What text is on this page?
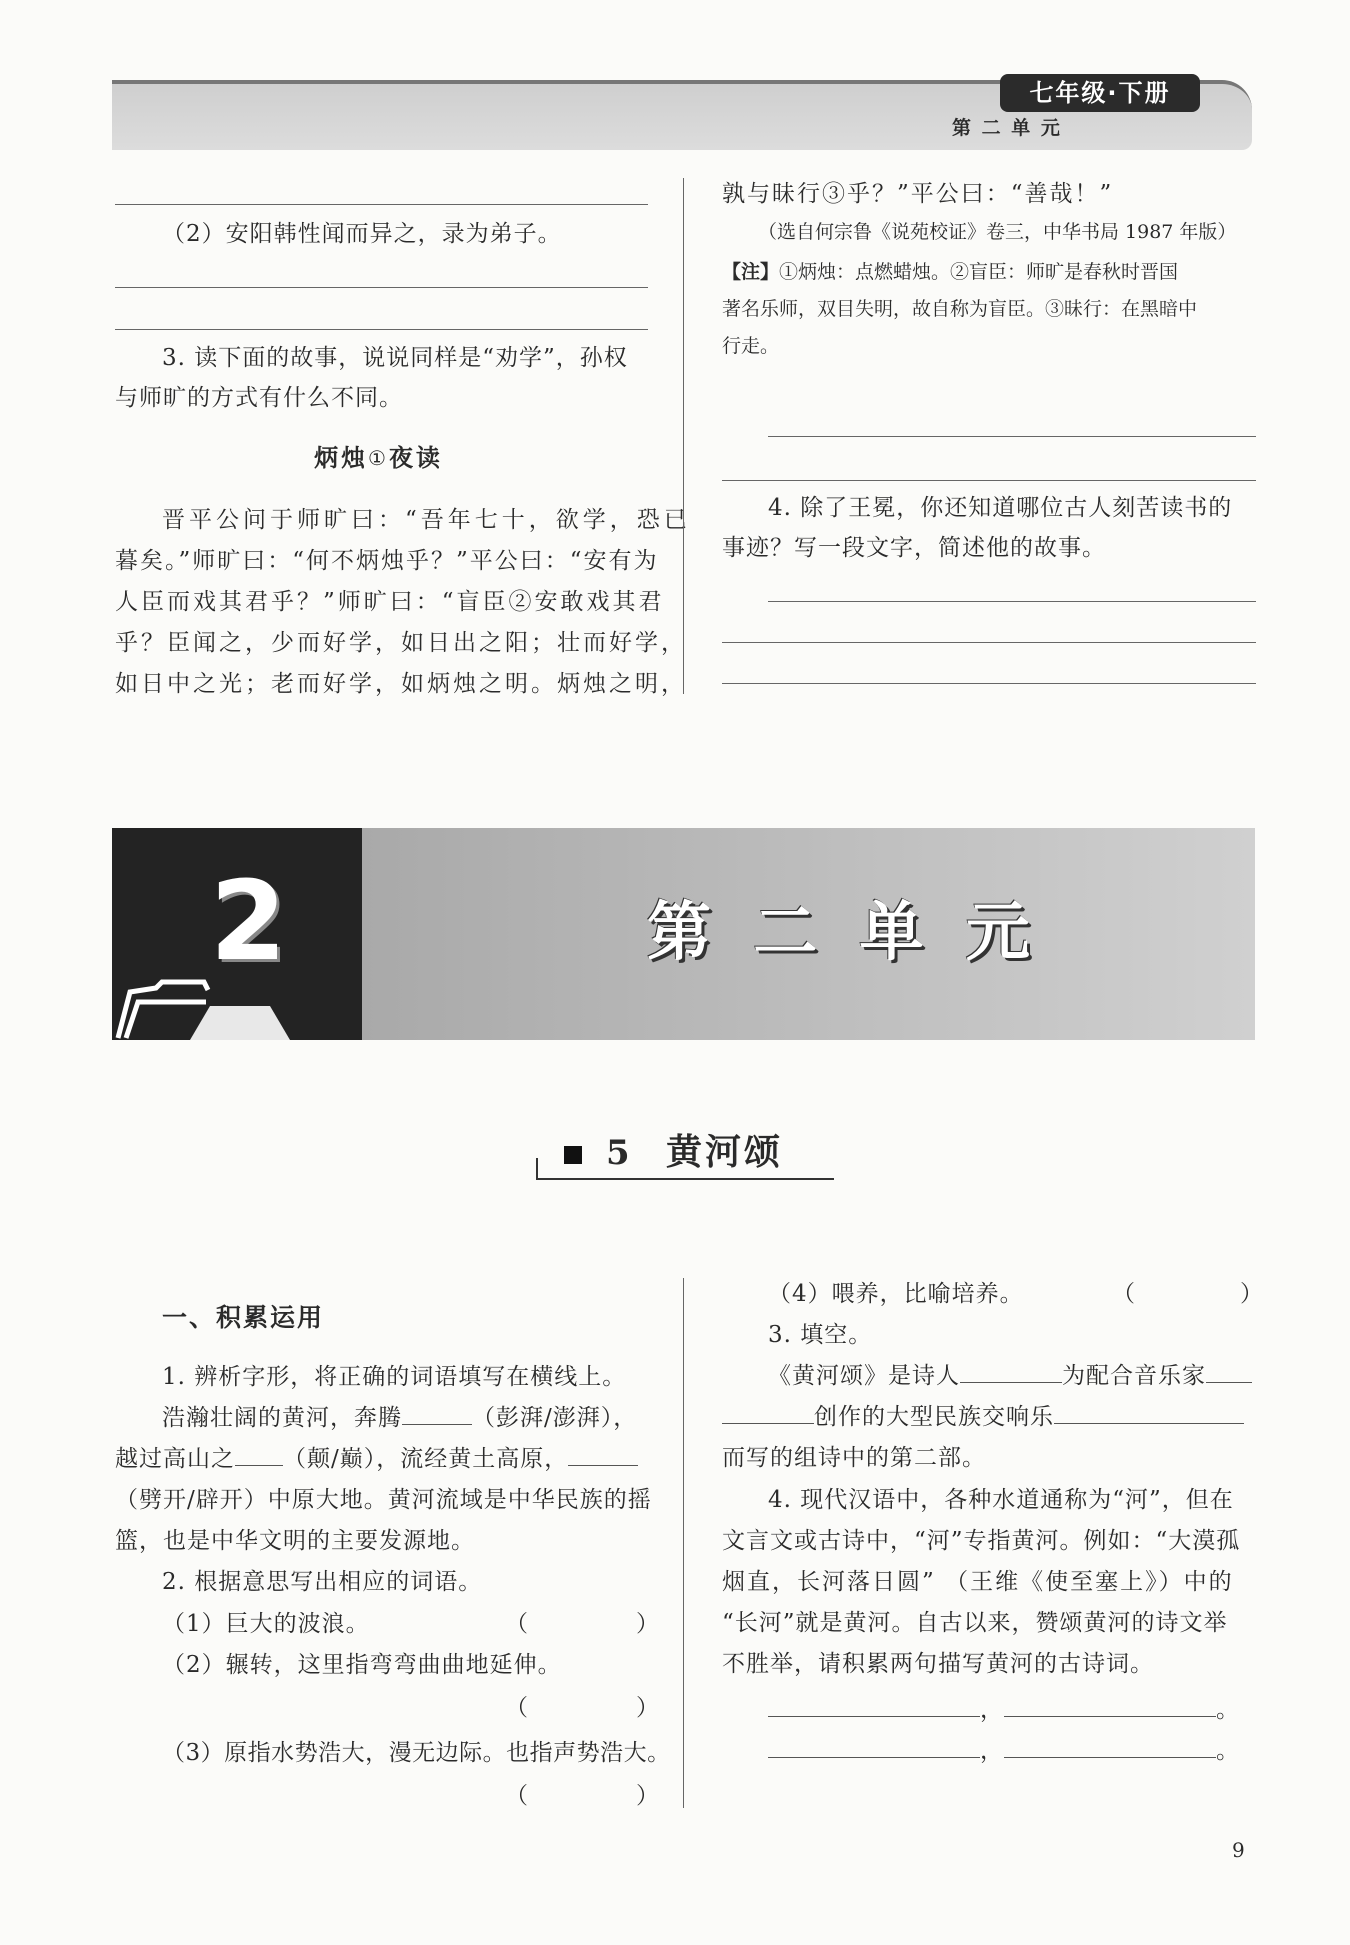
七年级·下册
第 二 单 元
（2）安阳韩性闻而异之，录为弟子。
3. 读下面的故事，说说同样是“劝学”，孙权
与师旷的方式有什么不同。
炳烛①夜读
晋平公问于师旷曰：“吾年七十，欲学，恐已
暮矣。”师旷曰：“何不炳烛乎？”平公曰：“安有为
人臣而戏其君乎？”师旷曰：“盲臣②安敢戏其君
乎？臣闻之，少而好学，如日出之阳；壮而好学，
如日中之光；老而好学，如炳烛之明。炳烛之明，
孰与昧行③乎？”平公曰：“善哉！”
（选自何宗鲁《说苑校证》卷三，中华书局 1987 年版）
【注】①炳烛：点燃蜡烛。②盲臣：师旷是春秋时晋国
著名乐师，双目失明，故自称为盲臣。③昧行：在黑暗中
行走。
4. 除了王冕，你还知道哪位古人刻苦读书的
事迹？写一段文字，简述他的故事。
2	第 二 单 元
5 黄河颂
一、积累运用
1. 辨析字形，将正确的词语填写在横线上。
浩瀚壮阔的黄河，奔腾	（彭湃/澎湃），
越过高山之 （颠/巅），流经黄土高原，
（劈开/辟开）中原大地。黄河流域是中华民族的摇
篮，也是中华文明的主要发源地。
2. 根据意思写出相应的词语。
（1）巨大的波浪。	（	）
（2）辗转，这里指弯弯曲曲地延伸。
（	）
（3）原指水势浩大，漫无边际。也指声势浩大。
（	）
（4）喂养，比喻培养。	（	）
3. 填空。
《黄河颂》是诗人	为配合音乐家
创作的大型民族交响乐
而写的组诗中的第二部。
4. 现代汉语中，各种水道通称为“河”，但在
文言文或古诗中，“河”专指黄河。例如：“大漠孤
烟直，长河落日圆” （王维《使至塞上》）中的
“长河”就是黄河。自古以来，赞颂黄河的诗文举
不胜举，请积累两句描写黄河的古诗词。
，	。
，	。
9
